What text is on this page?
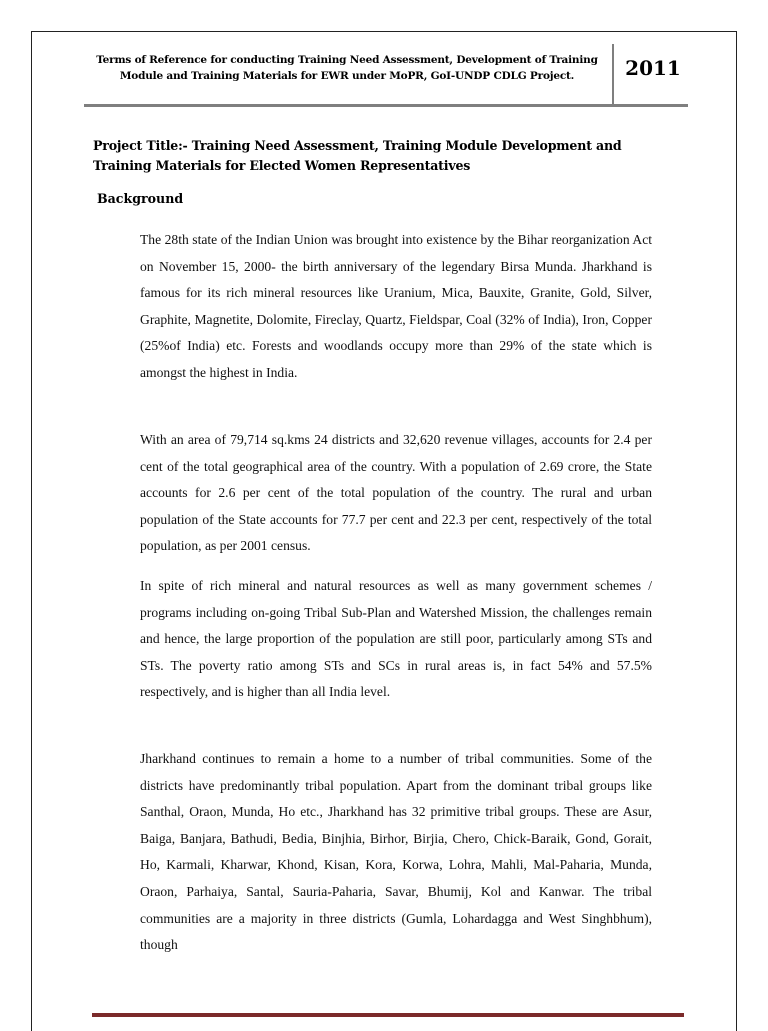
Terms of Reference for conducting Training Need Assessment, Development of Training
Module and Training Materials for EWR under MoPR, GoI-UNDP CDLG Project.	2011
Project Title:- Training Need Assessment, Training Module Development and Training Materials for Elected Women Representatives
Background

The 28th state of the Indian Union was brought into existence by the Bihar reorganization Act on November 15, 2000- the birth anniversary of the legendary Birsa Munda. Jharkhand is famous for its rich mineral resources like Uranium, Mica, Bauxite, Granite, Gold, Silver, Graphite, Magnetite, Dolomite, Fireclay, Quartz, Fieldspar, Coal (32% of India), Iron, Copper (25%of India) etc. Forests and woodlands occupy more than 29% of the state which is amongst the highest in India.

With an area of 79,714 sq.kms 24 districts and 32,620 revenue villages, accounts for 2.4 per cent of the total geographical area of the country. With a population of 2.69 crore, the State accounts for 2.6 per cent of the total population of the country. The rural and urban population of the State accounts for 77.7 per cent and 22.3 per cent, respectively of the total population, as per 2001 census.

In spite of rich mineral and natural resources as well as many government schemes / programs including on-going Tribal Sub-Plan and Watershed Mission, the challenges remain and hence, the large proportion of the population are still poor, particularly among STs and STs. The poverty ratio among STs and SCs in rural areas is, in fact 54% and 57.5% respectively, and is higher than all India level.

Jharkhand continues to remain a home to a number of tribal communities. Some of the districts have predominantly tribal population. Apart from the dominant tribal groups like Santhal, Oraon, Munda, Ho etc., Jharkhand has 32 primitive tribal groups. These are Asur, Baiga, Banjara, Bathudi, Bedia, Binjhia, Birhor, Birjia, Chero, Chick-Baraik, Gond, Gorait, Ho, Karmali, Kharwar, Khond, Kisan, Kora, Korwa, Lohra, Mahli, Mal-Paharia, Munda, Oraon, Parhaiya, Santal, Sauria-Paharia, Savar, Bhumij, Kol and Kanwar. The tribal communities are a majority in three districts (Gumla, Lohardagga and West Singhbhum), though
